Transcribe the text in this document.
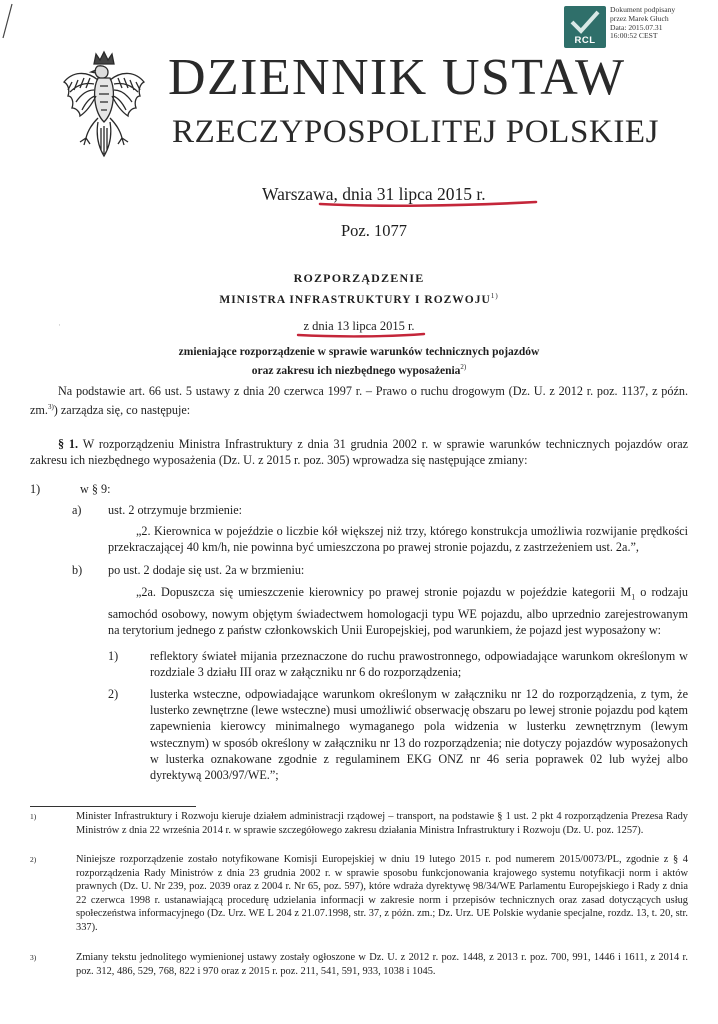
RCL
Dokument podpisany
przez Marek Głuch
Data: 2015.07.31
16:00:52 CEST
DZIENNIK USTAW
RZECZYPOSPOLITEJ POLSKIEJ
Warszawa, dnia 31 lipca 2015 r.
Poz. 1077
ROZPORZĄDZENIE
MINISTRA INFRASTRUKTURY I $ROZWOJU^{1)}$
·	z dnia 13 lipca 2015 r.
zmieniające rozporządzenie w sprawie warunków technicznych pojazdów
oraz zakresu ich niezbędnego wyposażenia$^{2)}$
Na podstawie art. 66 ust. 5 ustawy z dnia 20 czerwca 1997 r. – Prawo o ruchu drogowym (Dz. U. z 2012 r. poz. 1137, z późn. zm.$^{3)}$) zarządza się, co następuje:
§ 1. W rozporządzeniu Ministra Infrastruktury z dnia 31 grudnia 2002 r. w sprawie warunków technicznych pojazdów oraz zakresu ich niezbędnego wyposażenia (Dz. U. z 2015 r. poz. 305) wprowadza się następujące zmiany:
1)	w § 9:
a) ust. 2 otrzymuje brzmienie:
„2. Kierownica w pojeździe o liczbie kół większej niż trzy, którego konstrukcja umożliwia rozwijanie prędkości przekraczającej 40 km/h, nie powinna być umieszczona po prawej stronie pojazdu, z zastrzeżeniem ust. 2a.”,
b) po ust. 2 dodaje się ust. 2a w brzmieniu:
„2a. Dopuszcza się umieszczenie kierownicy po prawej stronie pojazdu w pojeździe kategorii $M_1$ o rodzaju samochód osobowy, nowym objętym świadectwem homologacji typu WE pojazdu, albo uprzednio zarejestrowanym na terytorium jednego z państw członkowskich Unii Europejskiej, pod warunkiem, że pojazd jest wyposażony w:
1)	reflektory świateł mijania przeznaczone do ruchu prawostronnego, odpowiadające warunkom określonym w rozdziale 3 działu III oraz w załączniku nr 6 do rozporządzenia;
2)	lusterka wsteczne, odpowiadające warunkom określonym w załączniku nr 12 do rozporządzenia, z tym, że lusterko zewnętrzne (lewe wsteczne) musi umożliwić obserwację obszaru po lewej stronie pojazdu pod kątem zapewnienia kierowcy minimalnego wymaganego pola widzenia w lusterku zewnętrznym (lewym wstecznym) w sposób określony w załączniku nr 13 do rozporządzenia; nie dotyczy pojazdów wyposażonych w lusterka oznakowane zgodnie z regulaminem EKG ONZ nr 46 seria poprawek 02 lub wyżej albo dyrektywą 2003/97/WE.”;
1)	Minister Infrastruktury i Rozwoju kieruje działem administracji rządowej – transport, na podstawie § 1 ust. 2 pkt 4 rozporządzenia Prezesa Rady Ministrów z dnia 22 września 2014 r. w sprawie szczegółowego zakresu działania Ministra Infrastruktury i Rozwoju (Dz. U. poz. 1257).
2)	Niniejsze rozporządzenie zostało notyfikowane Komisji Europejskiej w dniu 19 lutego 2015 r. pod numerem 2015/0073/PL, zgodnie z § 4 rozporządzenia Rady Ministrów z dnia 23 grudnia 2002 r. w sprawie sposobu funkcjonowania krajowego systemu notyfikacji norm i aktów prawnych (Dz. U. Nr 239, poz. 2039 oraz z 2004 r. Nr 65, poz. 597), które wdraża dyrektywę 98/34/WE Parlamentu Europejskiego i Rady z dnia 22 czerwca 1998 r. ustanawiającą procedurę udzielania informacji w zakresie norm i przepisów technicznych oraz zasad dotyczących usług społeczeństwa informacyjnego (Dz. Urz. WE L 204 z 21.07.1998, str. 37, z późn. zm.; Dz. Urz. UE Polskie wydanie specjalne, rozdz. 13, t. 20, str. 337).
3)	Zmiany tekstu jednolitego wymienionej ustawy zostały ogłoszone w Dz. U. z 2012 r. poz. 1448, z 2013 r. poz. 700, 991, 1446 i 1611, z 2014 r. poz. 312, 486, 529, 768, 822 i 970 oraz z 2015 r. poz. 211, 541, 591, 933, 1038 i 1045.
